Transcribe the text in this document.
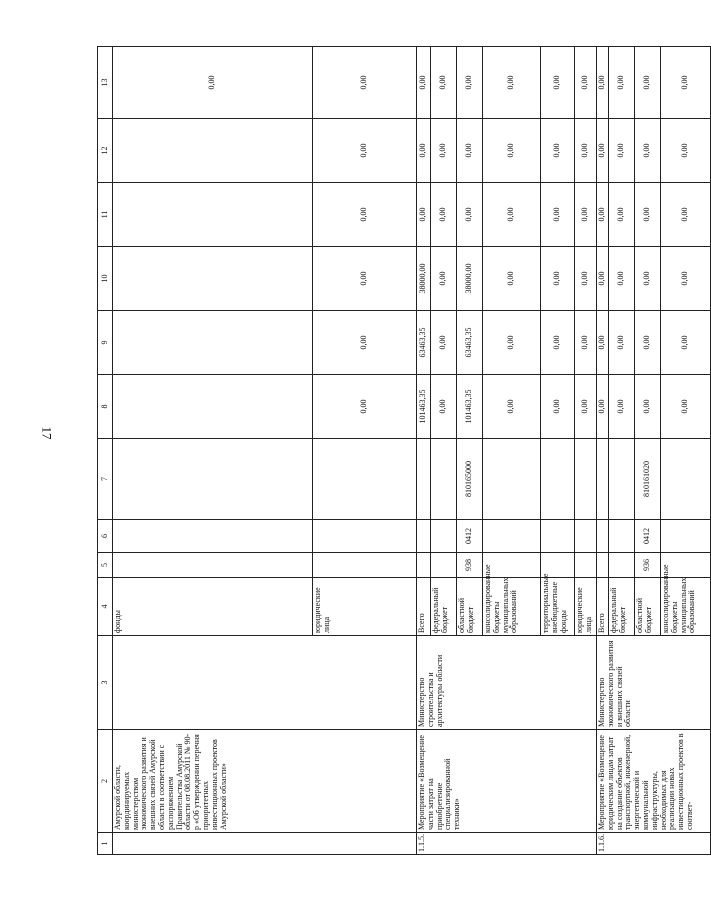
17
1	2	3	4	5	6	7	8	9	10	11	12	13
	Амурской области, координируемых министерством экономического развития и внешних связей Амурской области в соответствии с распоряжением Правительства Амурской области от 08.08.2011 № 90-р «Об утверждении перечня приоритетных инвестиционных проектов Амурской области»		фонды									0,00
			юридические лица				0,00	0,00	0,00	0,00	0,00	0,00
1.1.5.	Мероприятие «Возмещение части затрат на приобретение специализированной техники»	Министерство строительства и архитектуры области	Всего				101463,35	63463,35	38000,00	0,00	0,00	0,00
			федеральный бюджет				0,00	0,00	0,00	0,00	0,00	0,00
			областной бюджет	938	0412	810165000	101463,35	63463,35	38000,00	0,00	0,00	0,00
			консолидированные бюджеты муниципальных образований				0,00	0,00	0,00	0,00	0,00	0,00
			территориальные внебюджетные фонды				0,00	0,00	0,00	0,00	0,00	0,00
			юридические лица				0,00	0,00	0,00	0,00	0,00	0,00
1.1.6.	Мероприятие «Возмещение юридическим лицам затрат на создание объектов транспортной, инженерной, энергетической и коммунальной инфраструктуры, необходимых для реализации новых инвестиционных проектов в соответ-	Министерство экономического развития и внешних связей области	Всего				0,00	0,00	0,00	0,00	0,00	0,00
			федеральный бюджет				0,00	0,00	0,00	0,00	0,00	0,00
			областной бюджет	936	0412	810161020	0,00	0,00	0,00	0,00	0,00	0,00
			консолидированные бюджеты муниципальных образований				0,00	0,00	0,00	0,00	0,00	0,00
